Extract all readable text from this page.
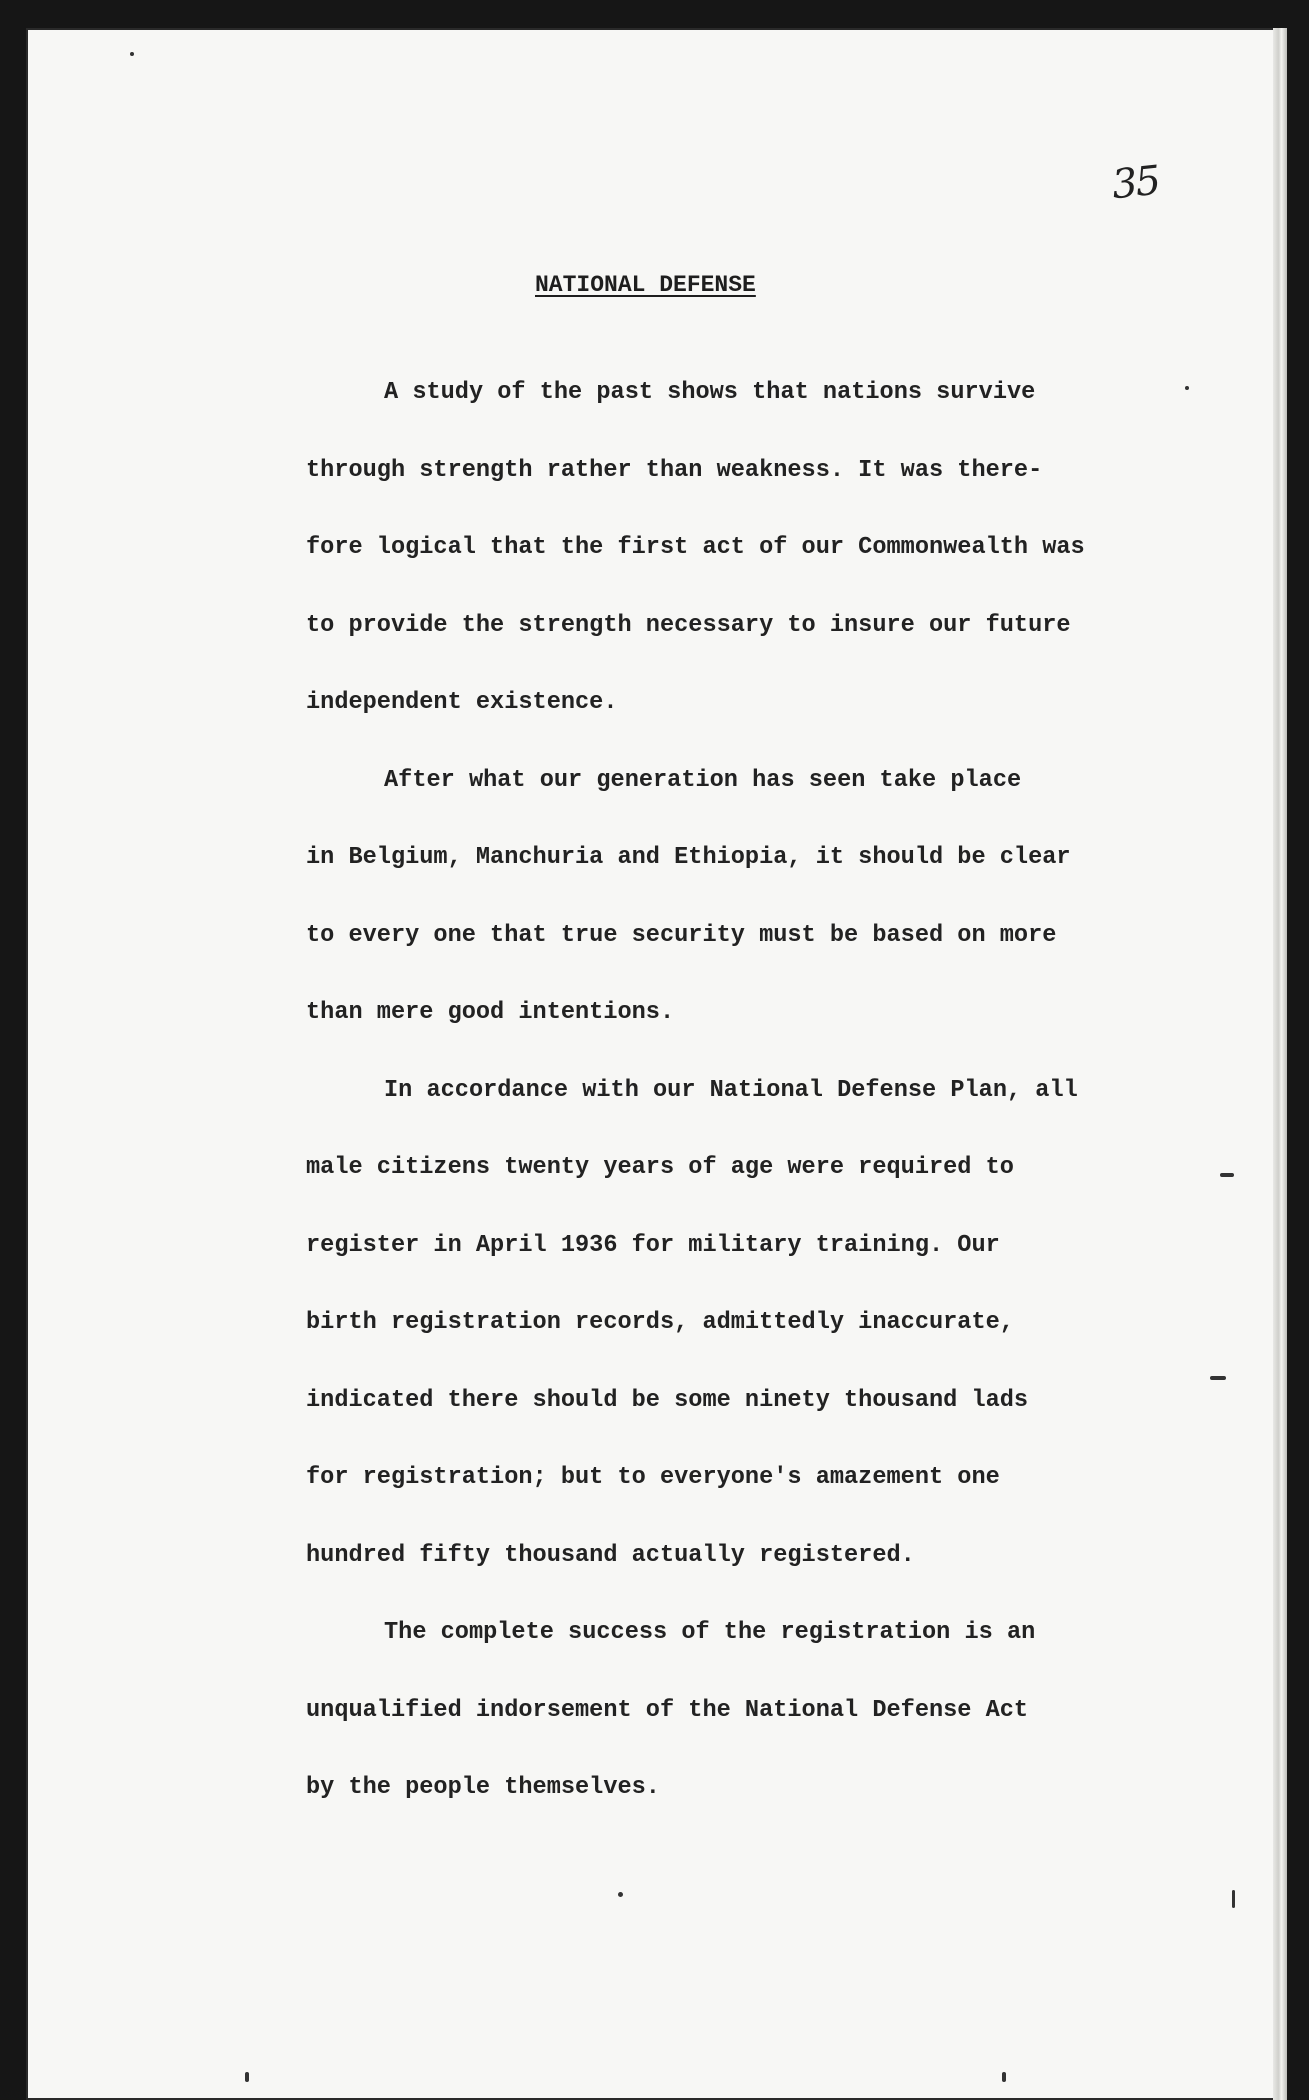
35
NATIONAL DEFENSE
A study of the past shows that nations survive
through strength rather than weakness. It was there-
fore logical that the first act of our Commonwealth was
to provide the strength necessary to insure our future
independent existence.
After what our generation has seen take place
in Belgium, Manchuria and Ethiopia, it should be clear
to every one that true security must be based on more
than mere good intentions.
In accordance with our National Defense Plan, all
male citizens twenty years of age were required to
register in April 1936 for military training. Our
birth registration records, admittedly inaccurate,
indicated there should be some ninety thousand lads
for registration; but to everyone's amazement one
hundred fifty thousand actually registered.
The complete success of the registration is an
unqualified indorsement of the National Defense Act
by the people themselves.
